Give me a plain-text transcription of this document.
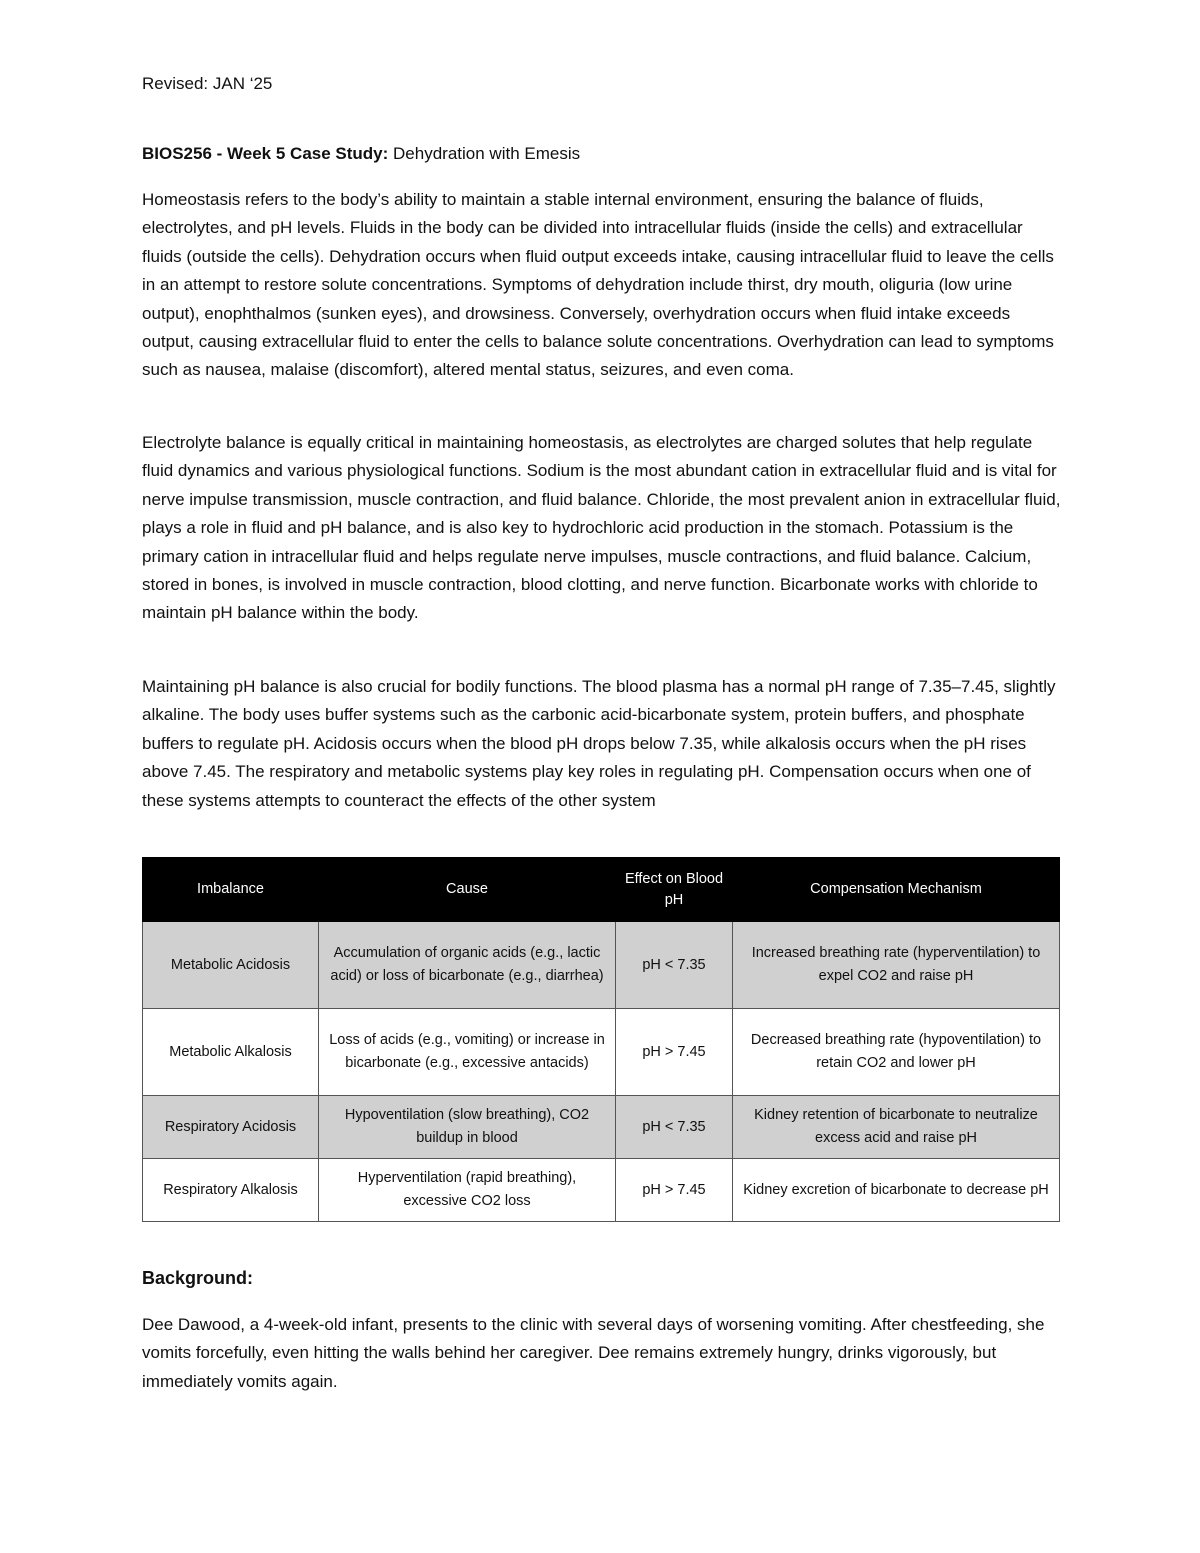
Revised: JAN ‘25
BIOS256 - Week 5 Case Study: Dehydration with Emesis

Homeostasis refers to the body’s ability to maintain a stable internal environment, ensuring the balance of fluids, electrolytes, and pH levels. Fluids in the body can be divided into intracellular fluids (inside the cells) and extracellular fluids (outside the cells). Dehydration occurs when fluid output exceeds intake, causing intracellular fluid to leave the cells in an attempt to restore solute concentrations. Symptoms of dehydration include thirst, dry mouth, oliguria (low urine output), enophthalmos (sunken eyes), and drowsiness. Conversely, overhydration occurs when fluid intake exceeds output, causing extracellular fluid to enter the cells to balance solute concentrations. Overhydration can lead to symptoms such as nausea, malaise (discomfort), altered mental status, seizures, and even coma.

Electrolyte balance is equally critical in maintaining homeostasis, as electrolytes are charged solutes that help regulate fluid dynamics and various physiological functions. Sodium is the most abundant cation in extracellular fluid and is vital for nerve impulse transmission, muscle contraction, and fluid balance. Chloride, the most prevalent anion in extracellular fluid, plays a role in fluid and pH balance, and is also key to hydrochloric acid production in the stomach. Potassium is the primary cation in intracellular fluid and helps regulate nerve impulses, muscle contractions, and fluid balance. Calcium, stored in bones, is involved in muscle contraction, blood clotting, and nerve function. Bicarbonate works with chloride to maintain pH balance within the body.

Maintaining pH balance is also crucial for bodily functions. The blood plasma has a normal pH range of 7.35–7.45, slightly alkaline. The body uses buffer systems such as the carbonic acid-bicarbonate system, protein buffers, and phosphate buffers to regulate pH. Acidosis occurs when the blood pH drops below 7.35, while alkalosis occurs when the pH rises above 7.45. The respiratory and metabolic systems play key roles in regulating pH. Compensation occurs when one of these systems attempts to counteract the effects of the other system

Imbalance	Cause	Effect on Blood pH	Compensation Mechanism
Metabolic Acidosis	Accumulation of organic acids (e.g., lactic acid) or loss of bicarbonate (e.g., diarrhea)	pH < 7.35	Increased breathing rate (hyperventilation) to expel CO2 and raise pH
Metabolic Alkalosis	Loss of acids (e.g., vomiting) or increase in bicarbonate (e.g., excessive antacids)	pH > 7.45	Decreased breathing rate (hypoventilation) to retain CO2 and lower pH
Respiratory Acidosis	Hypoventilation (slow breathing), CO2 buildup in blood	pH < 7.35	Kidney retention of bicarbonate to neutralize excess acid and raise pH
Respiratory Alkalosis	Hyperventilation (rapid breathing), excessive CO2 loss	pH > 7.45	Kidney excretion of bicarbonate to decrease pH
Background:

Dee Dawood, a 4-week-old infant, presents to the clinic with several days of worsening vomiting. After chestfeeding, she vomits forcefully, even hitting the walls behind her caregiver. Dee remains extremely hungry, drinks vigorously, but immediately vomits again.
